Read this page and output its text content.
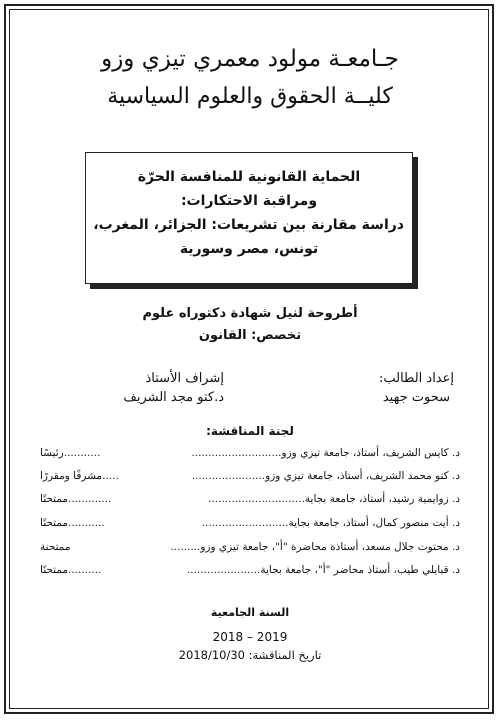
جـامعـة مولود معمري تيزي وزو
كليــة الحقوق والعلوم السياسية
الحماية القانونية للمنافسة الحرّة
ومراقبة الاحتكارات:
دراسة مقارنة بين تشريعات: الجزائر، المغرب،
تونس، مصر وسورية
أطروحة لنيل شهادة دكتوراه علوم
تخصص: القانون
إعداد الطالب:
سحوت جهيد
إشراف الأستاذ
د.كتو مجد الشريف
لجنة المناقشة:
د. كايس الشريف، أستاذ، جامعة تيزي وزو...........................
...........رئيسًا
د. كتو محمد الشريف، أستاذ، جامعة تيزي وزو......................
.....مشرفًا ومقررًا
د. زوايمية رشيد، أستاذ، جامعة بجاية.............................
.............ممتحنًا
د. أيت منصور كمال، أستاذ، جامعة بجاية..........................
...........ممتحنًا
د. محتوت جلال مسعد، أستاذة محاضرة "أ"، جامعة تيزي وزو.........
ممتحنة
د. قبايلي طيب، أستاذ محاضر "أ"، جامعة بجاية......................
..........ممتحنًا
السنة الجامعية
2018 – 2019
تاريخ المناقشة: 2018/10/30
